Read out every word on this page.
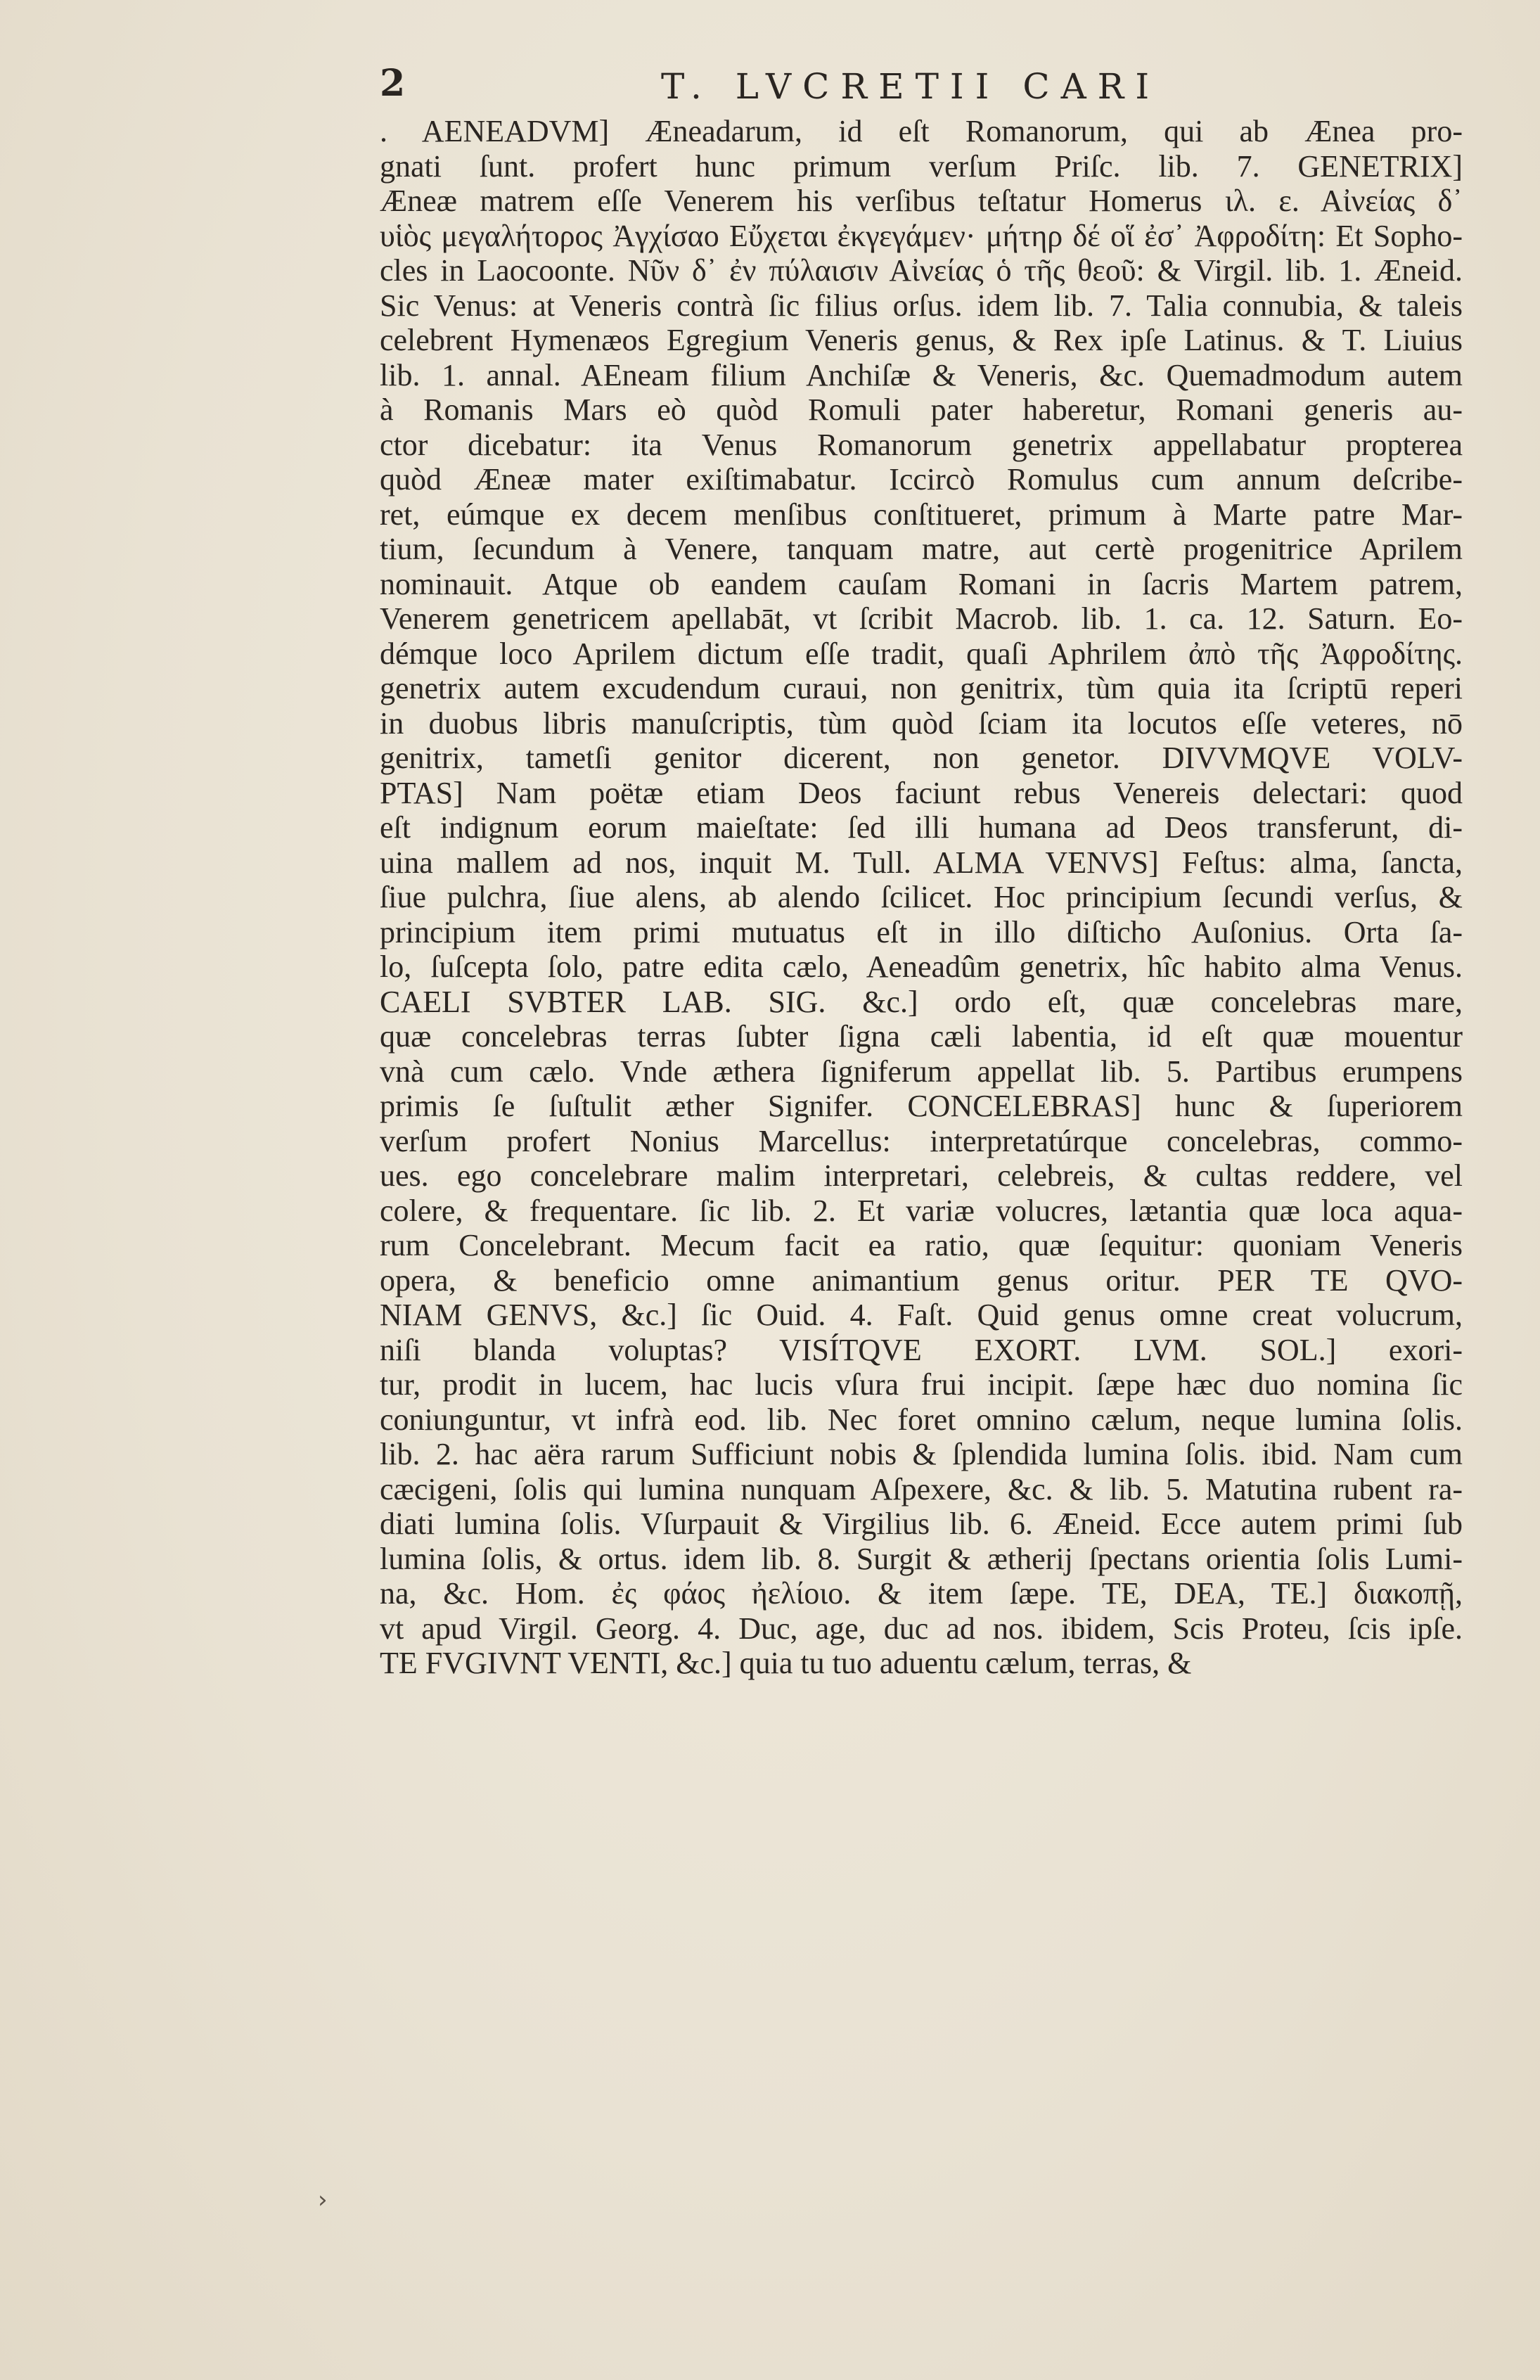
2	T. LVCRETII CARI
. AENEADVM] Æneadarum, id eſt Romanorum, qui ab Ænea pro-
gnati ſunt. profert hunc primum verſum Priſc. lib. 7. GENETRIX]
Æneæ matrem eſſe Venerem his verſibus teſtatur Homerus ιλ. ε. Αἰνείας δ᾽
υἱὸς μεγαλήτορος Ἀγχίσαο Εὔχεται ἐκγεγάμεν· μήτηρ δέ οἵ ἐσ᾽ Ἀφροδίτη: Et Sopho-
cles in Laocoonte. Νῦν δ᾽ ἐν πύλαισιν Αἰνείας ὁ τῆς θεοῦ: & Virgil. lib. 1. Æneid.
Sic Venus: at Veneris contrà ſic filius orſus. idem lib. 7. Talia connubia, & taleis
celebrent Hymenæos Egregium Veneris genus, & Rex ipſe Latinus. & T. Liuius
lib. 1. annal. AEneam filium Anchiſæ & Veneris, &c. Quemadmodum autem
à Romanis Mars eò quòd Romuli pater haberetur, Romani generis au-
ctor dicebatur: ita Venus Romanorum genetrix appellabatur propterea
quòd Æneæ mater exiſtimabatur. Iccircò Romulus cum annum deſcribe-
ret, eúmque ex decem menſibus conſtitueret, primum à Marte patre Mar-
tium, ſecundum à Venere, tanquam matre, aut certè progenitrice Aprilem
nominauit. Atque ob eandem cauſam Romani in ſacris Martem patrem,
Venerem genetricem apellabāt, vt ſcribit Macrob. lib. 1. ca. 12. Saturn. Eo-
démque loco Aprilem dictum eſſe tradit, quaſi Aphrilem ἀπὸ τῆς Ἀφροδίτης.
genetrix autem excudendum curaui, non genitrix, tùm quia ita ſcriptū reperi
in duobus libris manuſcriptis, tùm quòd ſciam ita locutos eſſe veteres, nō
genitrix, tametſi genitor dicerent, non genetor. DIVVMQVE VOLV-
PTAS] Nam poëtæ etiam Deos faciunt rebus Venereis delectari: quod
eſt indignum eorum maieſtate: ſed illi humana ad Deos transferunt, di-
uina mallem ad nos, inquit M. Tull. ALMA VENVS] Feſtus: alma, ſancta,
ſiue pulchra, ſiue alens, ab alendo ſcilicet. Hoc principium ſecundi verſus, &
principium item primi mutuatus eſt in illo diſticho Auſonius. Orta ſa-
lo, ſuſcepta ſolo, patre edita cælo, Aeneadûm genetrix, hîc habito alma Venus.
CAELI SVBTER LAB. SIG. &c.] ordo eſt, quæ concelebras mare,
quæ concelebras terras ſubter ſigna cæli labentia, id eſt quæ mouentur
vnà cum cælo. Vnde æthera ſigniferum appellat lib. 5. Partibus erumpens
primis ſe ſuſtulit æther Signifer. CONCELEBRAS] hunc & ſuperiorem
verſum profert Nonius Marcellus: interpretatúrque concelebras, commo-
ues. ego concelebrare malim interpretari, celebreis, & cultas reddere, vel
colere, & frequentare. ſic lib. 2. Et variæ volucres, lætantia quæ loca aqua-
rum Concelebrant. Mecum facit ea ratio, quæ ſequitur: quoniam Veneris
opera, & beneficio omne animantium genus oritur. PER TE QVO-
NIAM GENVS, &c.] ſic Ouid. 4. Faſt. Quid genus omne creat volucrum,
niſi blanda voluptas? VISÍTQVE EXORT. LVM. SOL.] exori-
tur, prodit in lucem, hac lucis vſura frui incipit. ſæpe hæc duo nomina ſic
coniunguntur, vt infrà eod. lib. Nec foret omnino cælum, neque lumina ſolis.
lib. 2. hac aëra rarum Sufficiunt nobis & ſplendida lumina ſolis. ibid. Nam cum
cæcigeni, ſolis qui lumina nunquam Aſpexere, &c. & lib. 5. Matutina rubent ra-
diati lumina ſolis. Vſurpauit & Virgilius lib. 6. Æneid. Ecce autem primi ſub
lumina ſolis, & ortus. idem lib. 8. Surgit & ætherij ſpectans orientia ſolis Lumi-
na, &c. Hom. ἐς φάος ἠελίοιο. & item ſæpe. TE, DEA, TE.] διακοπῇ,
vt apud Virgil. Georg. 4. Duc, age, duc ad nos. ibidem, Scis Proteu, ſcis ipſe.
TE FVGIVNT VENTI, &c.] quia tu tuo aduentu cælum, terras, &
›
